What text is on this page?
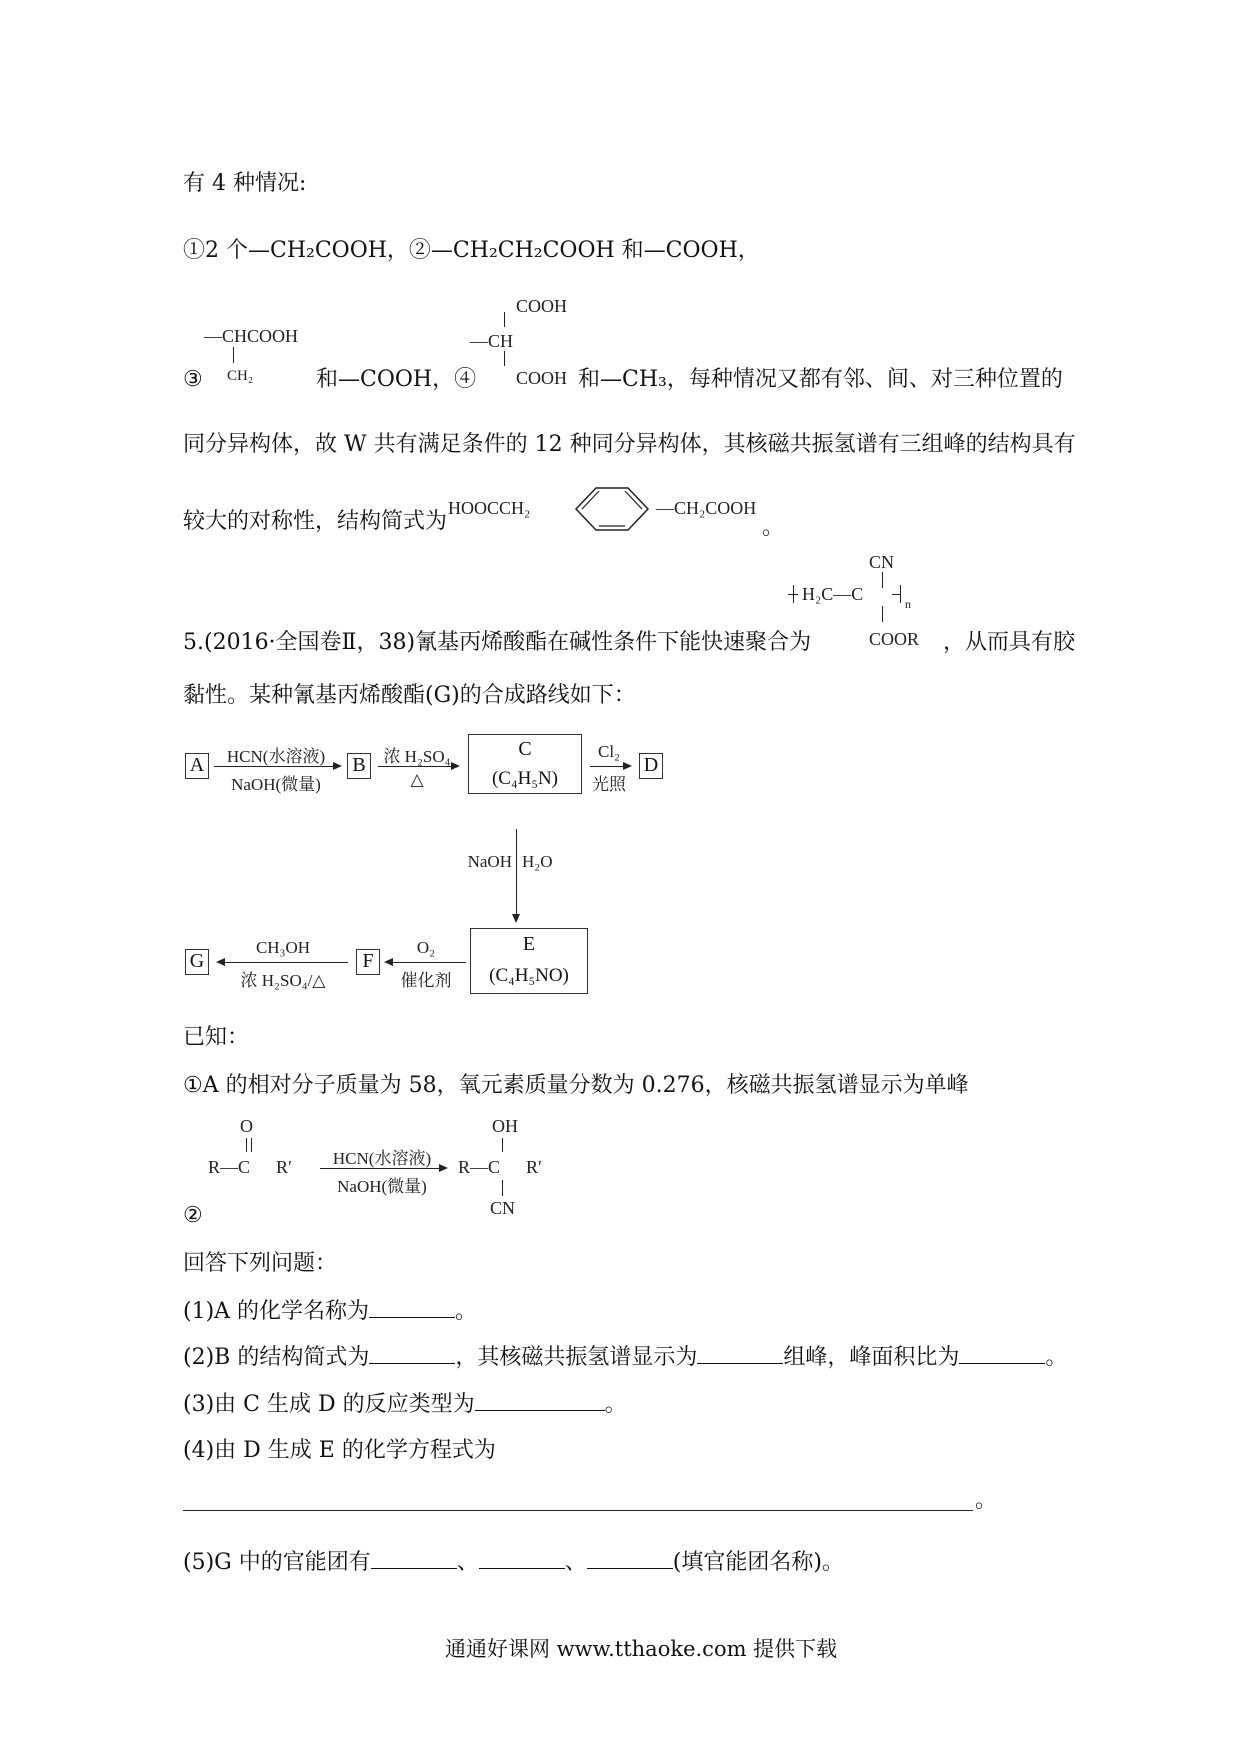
有 4 种情况:
①2 个—CH₂COOH，②—CH₂CH₂COOH 和—COOH，
—CHCOOH
CH₂
③	和—COOH，④
COOH
—CH
COOH 和—CH₃，每种情况又都有邻、间、对三种位置的
同分异构体，故 W 共有满足条件的 12 种同分异构体，其核磁共振氢谱有三组峰的结构具有
较大的对称性，结构简式为
HOOCCH₂	—CH₂COOH
。
CN
H₂C—C	n
COOR
5.(2016·全国卷Ⅱ，38)氰基丙烯酸酯在碱性条件下能快速聚合为	，从而具有胶
黏性。某种氰基丙烯酸酯(G)的合成路线如下：
A	HCN(水溶液)
NaOH(微量)
B	浓 H₂SO₄
△
C
(C₄H₅N)
Cl₂
光照
D
NaOH H₂O
G
CH₃OH
浓 H₂SO₄/△
F
O₂
催化剂
E
(C₄H₅NO)
已知：
①A 的相对分子质量为 58，氧元素质量分数为 0.276，核磁共振氢谱显示为单峰
O
R—C R′
②
HCN(水溶液)
NaOH(微量)
OH
R—C R′
CN
回答下列问题：
(1)A 的化学名称为	。
(2)B 的结构简式为	，其核磁共振氢谱显示为	组峰，峰面积比为	。
(3)由 C 生成 D 的反应类型为	。
(4)由 D 生成 E 的化学方程式为
。
(5)G 中的官能团有	、	、	(填官能团名称)。
通通好课网 www.tthaoke.com 提供下载
